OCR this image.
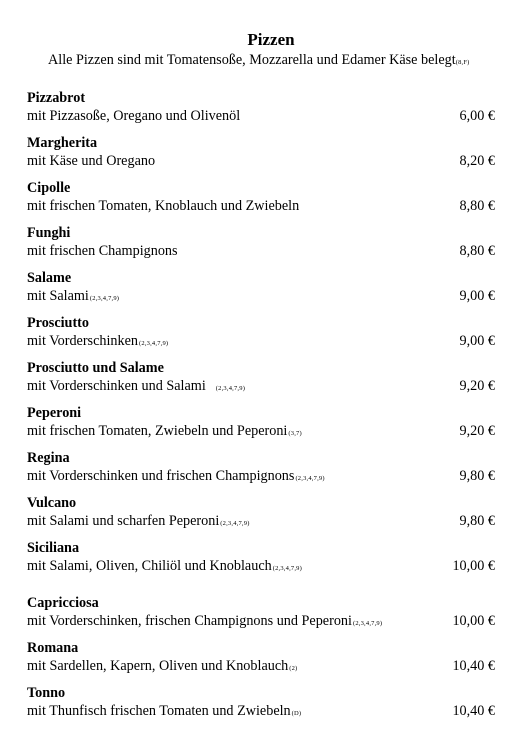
Pizzen
Alle Pizzen sind mit Tomatensoße, Mozzarella und Edamer Käse belegt(8,F)
Pizzabrot
mit Pizzasoße, Oregano und Olivenöl	6,00 €
Margherita
mit Käse und Oregano	8,20 €
Cipolle
mit frischen Tomaten, Knoblauch und Zwiebeln	8,80 €
Funghi
mit frischen Champignons	8,80 €
Salame
mit Salami(2,3,4,7,9)	9,00 €
Prosciutto
mit Vorderschinken(2,3,4,7,9)	9,00 €
Prosciutto und Salame
mit Vorderschinken und Salami (2,3,4,7,9)	9,20 €
Peperoni
mit frischen Tomaten, Zwiebeln und Peperoni(3,7)	9,20 €
Regina
mit Vorderschinken und frischen Champignons(2,3,4,7,9)	9,80 €
Vulcano
mit Salami und scharfen Peperoni(2,3,4,7,9)	9,80 €
Siciliana
mit Salami, Oliven, Chiliöl und Knoblauch(2,3,4,7,9)	10,00 €
Capricciosa
mit Vorderschinken, frischen Champignons und Peperoni(2,3,4,7,9)	10,00 €
Romana
mit Sardellen, Kapern, Oliven und Knoblauch(2)	10,40 €
Tonno
mit Thunfisch frischen Tomaten und Zwiebeln(D)	10,40 €
